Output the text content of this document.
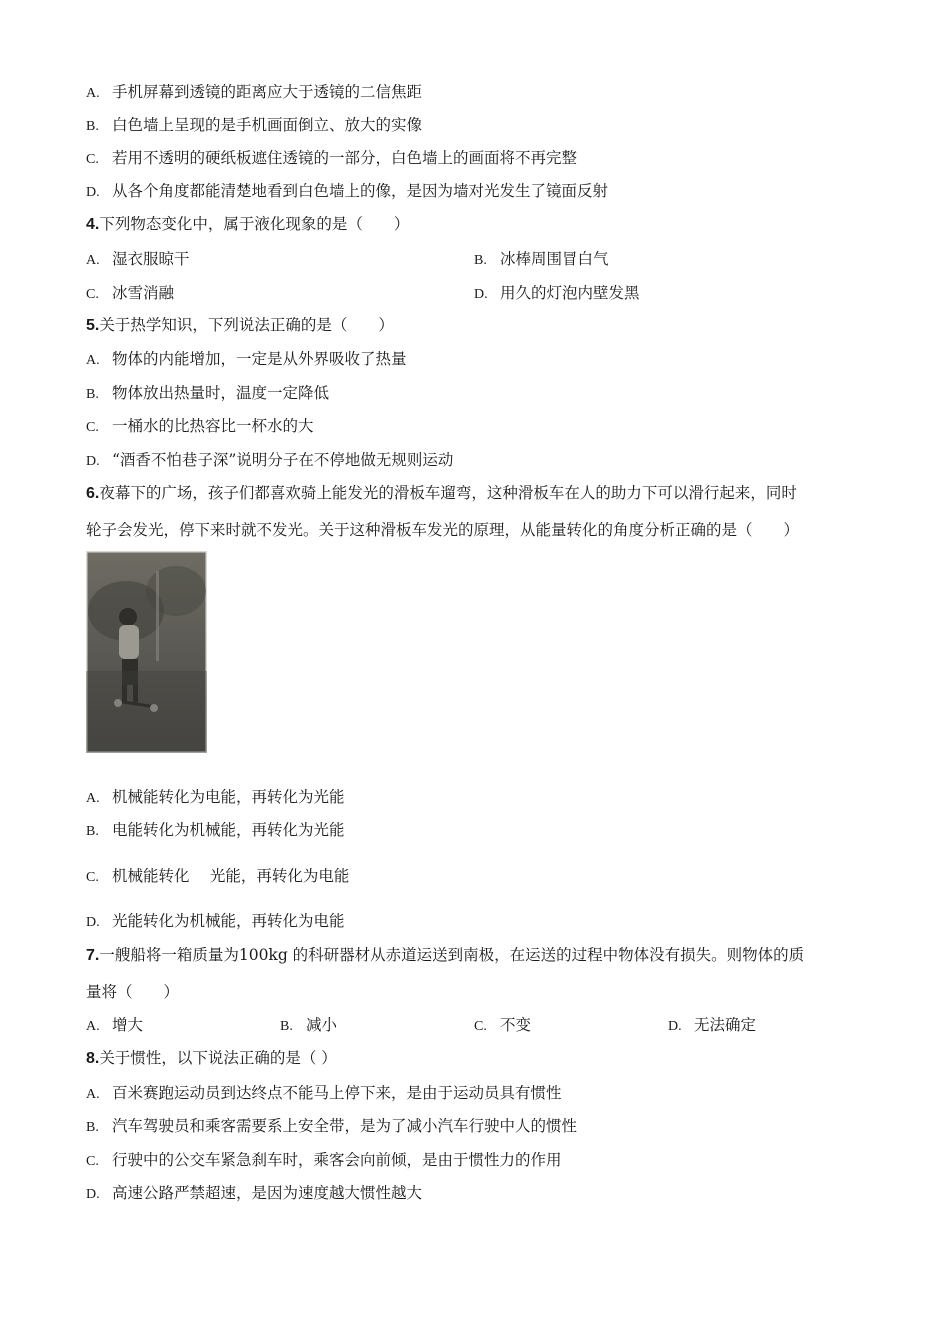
A. 手机屏幕到透镜的距离应大于透镜的二信焦距
B. 白色墙上呈现的是手机画面倒立、放大的实像
C. 若用不透明的硬纸板遮住透镜的一部分，白色墙上的画面将不再完整
D. 从各个角度都能清楚地看到白色墙上的像，是因为墙对光发生了镜面反射
4.下列物态变化中，属于液化现象的是（　　）
A. 湿衣服晾干	B. 冰棒周围冒白气
C. 冰雪消融	D. 用久的灯泡内壁发黑
5.关于热学知识，下列说法正确的是（　　）
A. 物体的内能增加，一定是从外界吸收了热量
B. 物体放出热量时，温度一定降低
C. 一桶水的比热容比一杯水的大
D. “酒香不怕巷子深”说明分子在不停地做无规则运动
6.夜幕下的广场，孩子们都喜欢骑上能发光的滑板车遛弯，这种滑板车在人的助力下可以滑行起来，同时
轮子会发光，停下来时就不发光。关于这种滑板车发光的原理，从能量转化的角度分析正确的是（　　）
A. 机械能转化为电能，再转化为光能
B. 电能转化为机械能，再转化为光能
C. 机械能转化　 光能，再转化为电能
D. 光能转化为机械能，再转化为电能
7.一艘船将一箱质量为100kg 的科研器材从赤道运送到南极，在运送的过程中物体没有损失。则物体的质
量将（　　）
A. 增大	B. 减小	C. 不变	D. 无法确定
8.关于惯性，以下说法正确的是（ ）
A. 百米赛跑运动员到达终点不能马上停下来，是由于运动员具有惯性
B. 汽车驾驶员和乘客需要系上安全带，是为了减小汽车行驶中人的惯性
C. 行驶中的公交车紧急刹车时，乘客会向前倾，是由于惯性力的作用
D. 高速公路严禁超速，是因为速度越大惯性越大
